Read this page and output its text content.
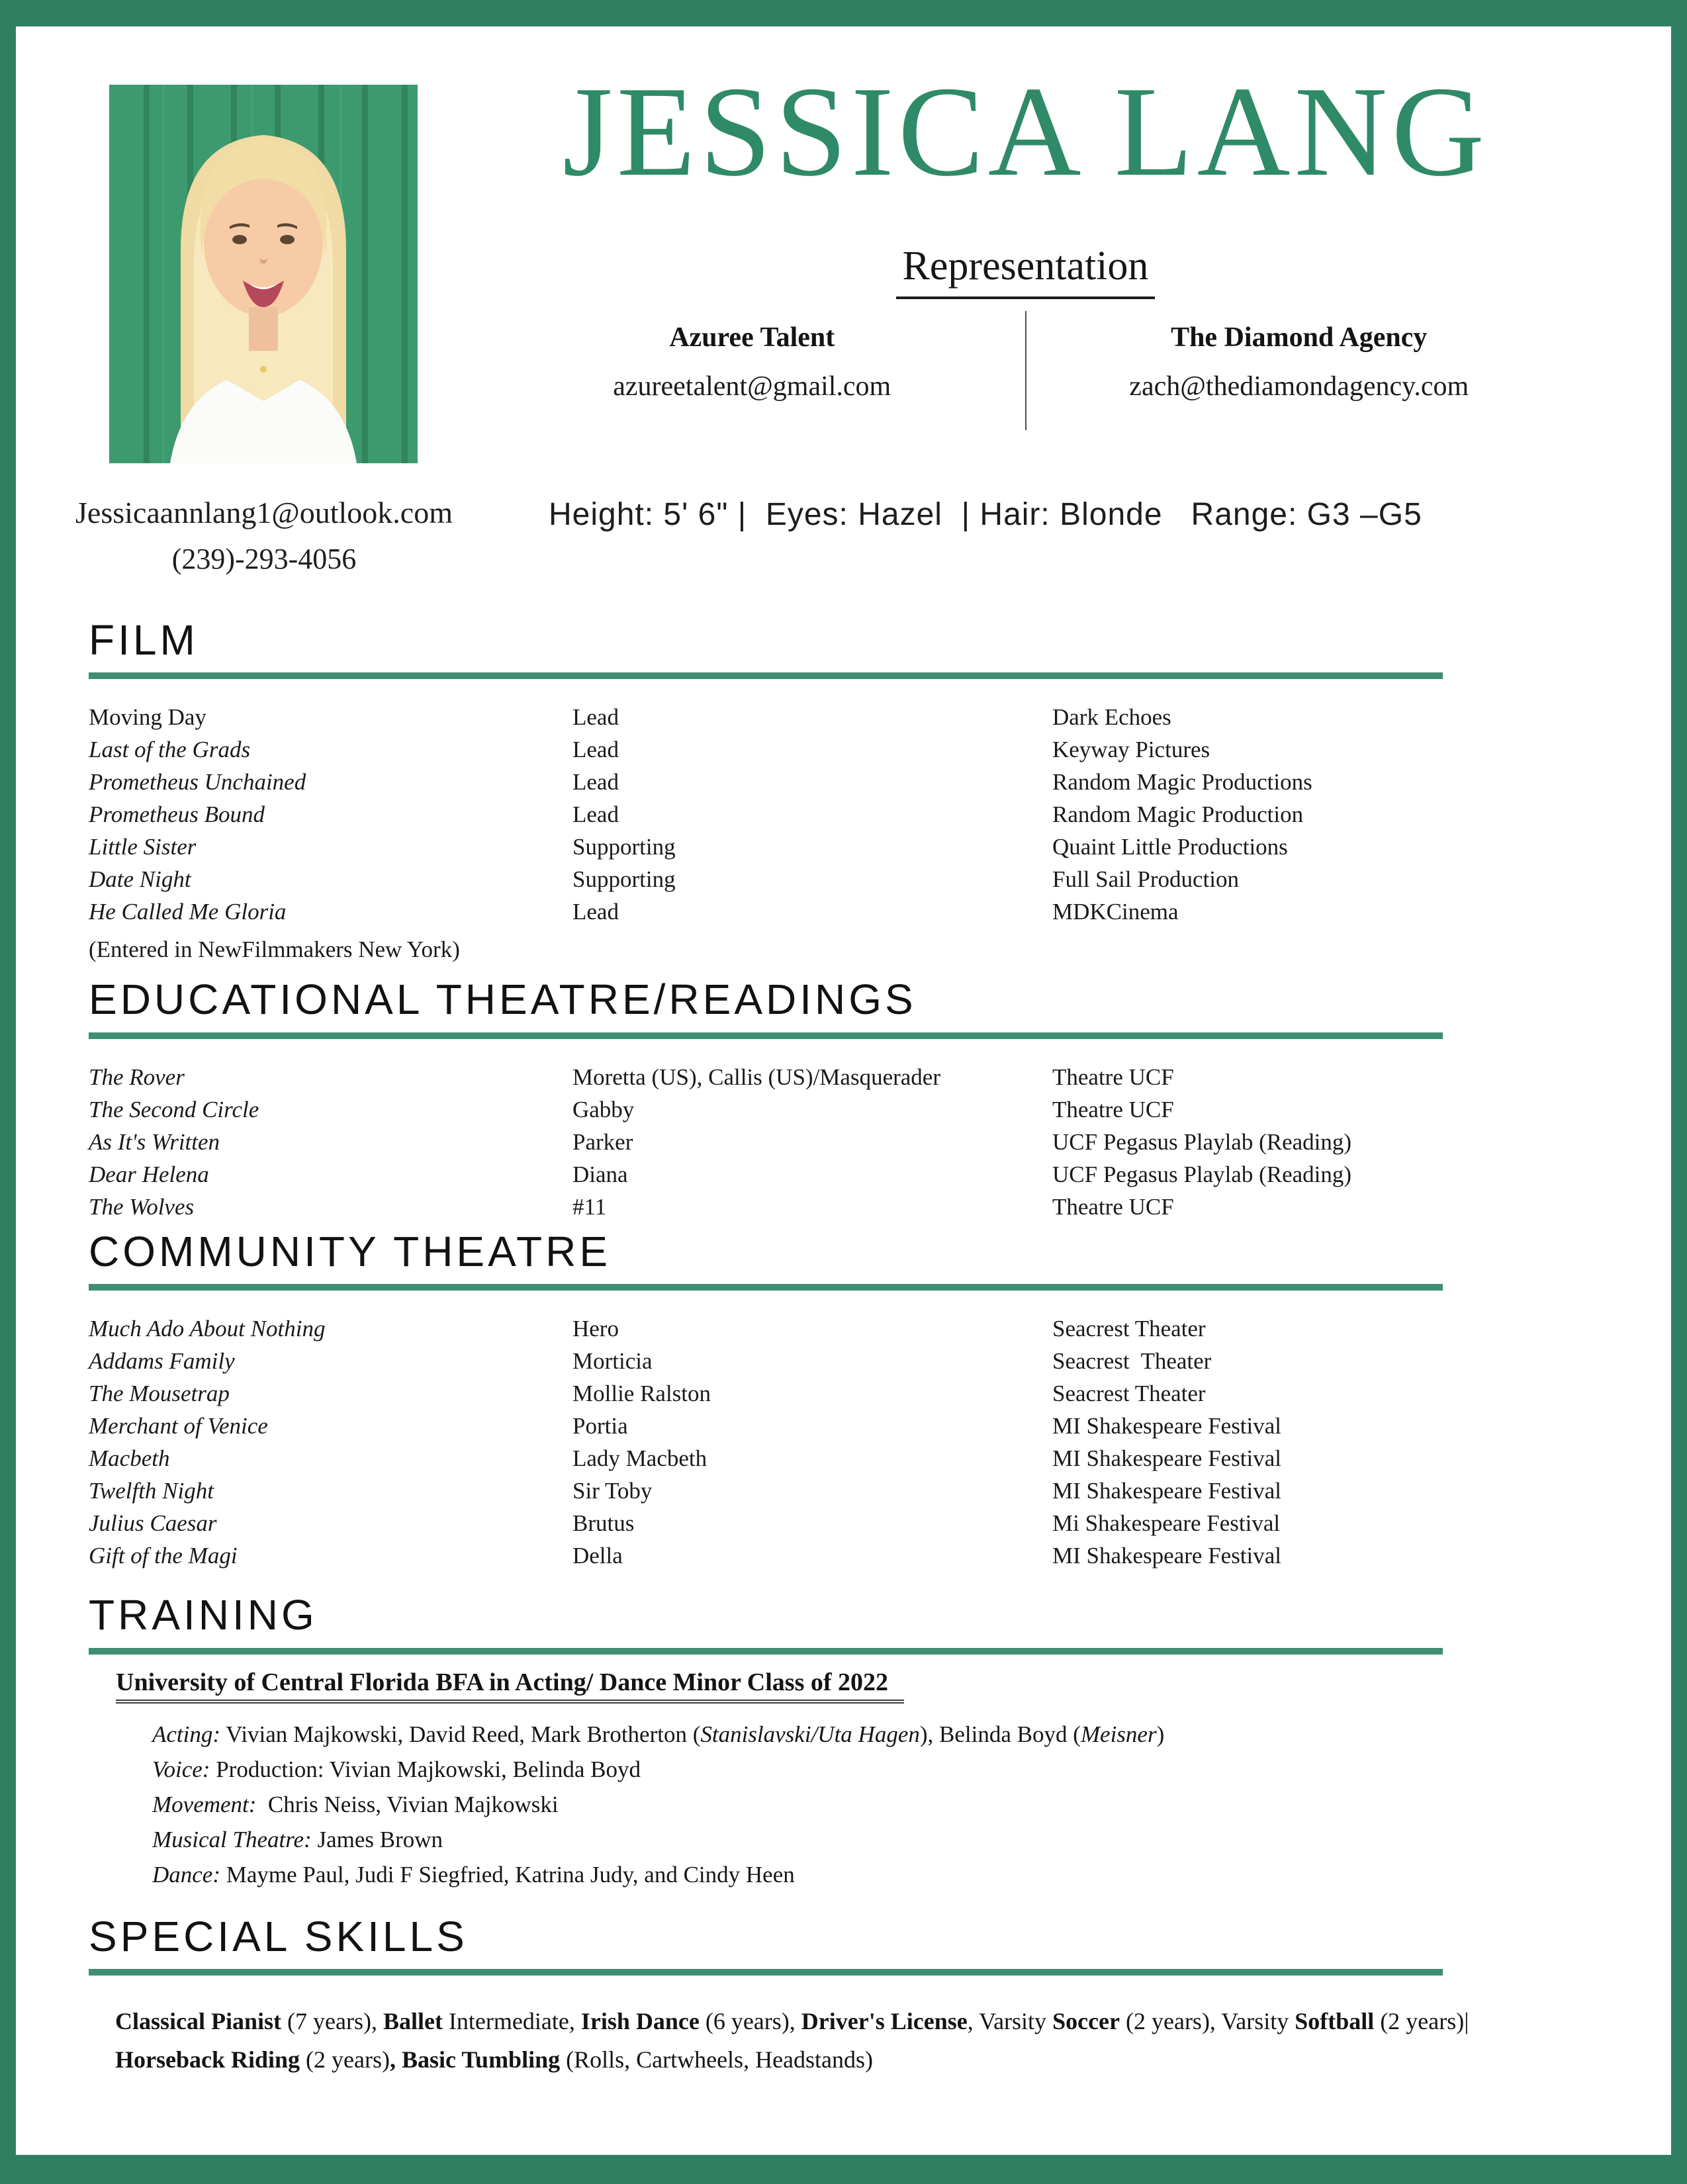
Jessicaannlang1@outlook.com
(239)-293-4056
JESSICA LANG
Representation
Azuree Talent
azureetalent@gmail.com
The Diamond Agency
zach@thediamondagency.com
Height: 5' 6" |  Eyes: Hazel  | Hair: Blonde   Range: G3 –G5
FILM
Moving Day	Lead	Dark Echoes
Last of the Grads	Lead	Keyway Pictures
Prometheus Unchained	Lead	Random Magic Productions
Prometheus Bound	Lead	Random Magic Production
Little Sister	Supporting	Quaint Little Productions
Date Night	Supporting	Full Sail Production
He Called Me Gloria	Lead	MDKCinema
(Entered in NewFilmmakers New York)
EDUCATIONAL THEATRE/READINGS
The Rover	Moretta (US), Callis (US)/Masquerader	Theatre UCF
The Second Circle	Gabby	Theatre UCF
As It's Written	Parker	UCF Pegasus Playlab (Reading)
Dear Helena	Diana	UCF Pegasus Playlab (Reading)
The Wolves	#11	Theatre UCF
COMMUNITY THEATRE
Much Ado About Nothing	Hero	Seacrest Theater
Addams Family	Morticia	Seacrest  Theater
The Mousetrap	Mollie Ralston	Seacrest Theater
Merchant of Venice	Portia	MI Shakespeare Festival
Macbeth	Lady Macbeth	MI Shakespeare Festival
Twelfth Night	Sir Toby	MI Shakespeare Festival
Julius Caesar	Brutus	Mi Shakespeare Festival
Gift of the Magi	Della	MI Shakespeare Festival
TRAINING
University of Central Florida BFA in Acting/ Dance Minor Class of 2022
Acting: Vivian Majkowski, David Reed, Mark Brotherton (Stanislavski/Uta Hagen), Belinda Boyd (Meisner)
Voice: Production: Vivian Majkowski, Belinda Boyd
Movement:  Chris Neiss, Vivian Majkowski
Musical Theatre: James Brown
Dance: Mayme Paul, Judi F Siegfried, Katrina Judy, and Cindy Heen
SPECIAL SKILLS
Classical Pianist (7 years), Ballet Intermediate, Irish Dance (6 years), Driver's License, Varsity Soccer (2 years), Varsity Softball (2 years)|
Horseback Riding (2 years), Basic Tumbling (Rolls, Cartwheels, Headstands)
